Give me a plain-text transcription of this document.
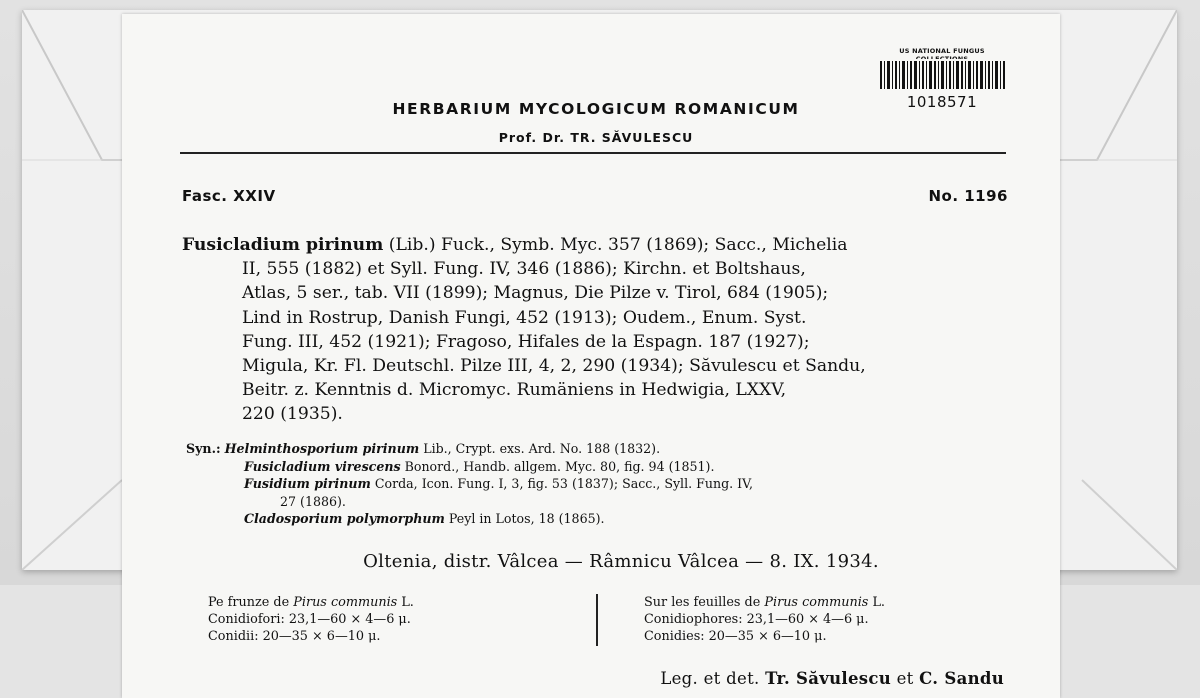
US NATIONAL FUNGUS
1018571
HERBARIUM MYCOLOGICUM ROMANICUM
Prof. Dr. TR. SĂVULESCU
Fasc. XXIV	No. 1196
Fusicladium pirinum (Lib.) Fuck., Symb. Myc. 357 (1869); Sacc., Michelia
II, 555 (1882) et Syll. Fung. IV, 346 (1886); Kirchn. et Boltshaus,
Atlas, 5 ser., tab. VII (1899); Magnus, Die Pilze v. Tirol, 684 (1905);
Lind in Rostrup, Danish Fungi, 452 (1913); Oudem., Enum. Syst.
Fung. III, 452 (1921); Fragoso, Hifales de la Espagn. 187 (1927);
Migula, Kr. Fl. Deutschl. Pilze III, 4, 2, 290 (1934); Săvulescu et Sandu,
Beitr. z. Kenntnis d. Micromyc. Rumäniens in Hedwigia, LXXV,
220 (1935).
Syn.: Helminthosporium pirinum Lib., Crypt. exs. Ard. No. 188 (1832).
Fusicladium virescens Bonord., Handb. allgem. Myc. 80, fig. 94 (1851).
Fusidium pirinum Corda, Icon. Fung. I, 3, fig. 53 (1837); Sacc., Syll. Fung. IV,
27 (1886).
Cladosporium polymorphum Peyl in Lotos, 18 (1865).
Oltenia, distr. Vâlcea — Râmnicu Vâlcea — 8. IX. 1934.
Pe frunze de Pirus communis L.
Conidiofori: 23,1—60 × 4—6 μ.
Conidii: 20—35 × 6—10 μ.
Sur les feuilles de Pirus communis L.
Conidiophores: 23,1—60 × 4—6 μ.
Conidies: 20—35 × 6—10 μ.
Leg. et det. Tr. Săvulescu et C. Sandu
